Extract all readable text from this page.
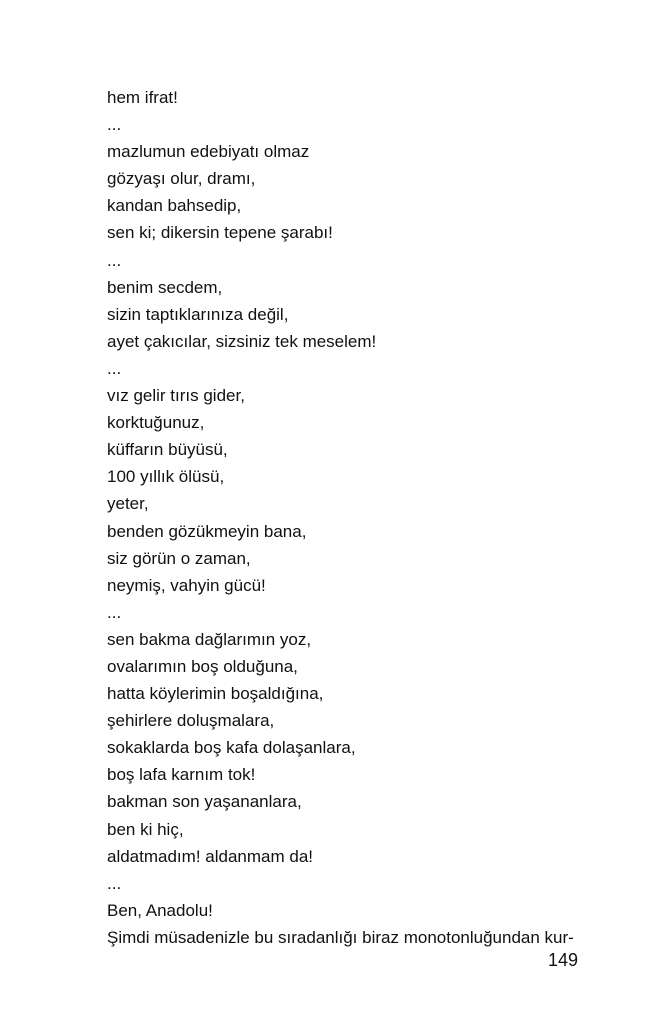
hem ifrat!
...
mazlumun edebiyatı olmaz
gözyaşı olur, dramı,
kandan bahsedip,
sen ki; dikersin tepene şarabı!
...
benim secdem,
sizin taptıklarınıza değil,
ayet çakıcılar, sizsiniz tek meselem!
...
vız gelir tırıs gider,
korktuğunuz,
küffarın büyüsü,
100 yıllık ölüsü,
yeter,
benden gözükmeyin bana,
siz görün o zaman,
neymiş, vahyin gücü!
...
sen bakma dağlarımın yoz,
ovalarımın boş olduğuna,
hatta köylerimin boşaldığına,
şehirlere doluşmalara,
sokaklarda boş kafa dolaşanlara,
boş lafa karnım tok!
bakman son yaşananlara,
ben ki hiç,
aldatmadım! aldanmam da!
...
Ben, Anadolu!
Şimdi müsadenizle bu sıradanlığı biraz monotonluğundan kur-
149
